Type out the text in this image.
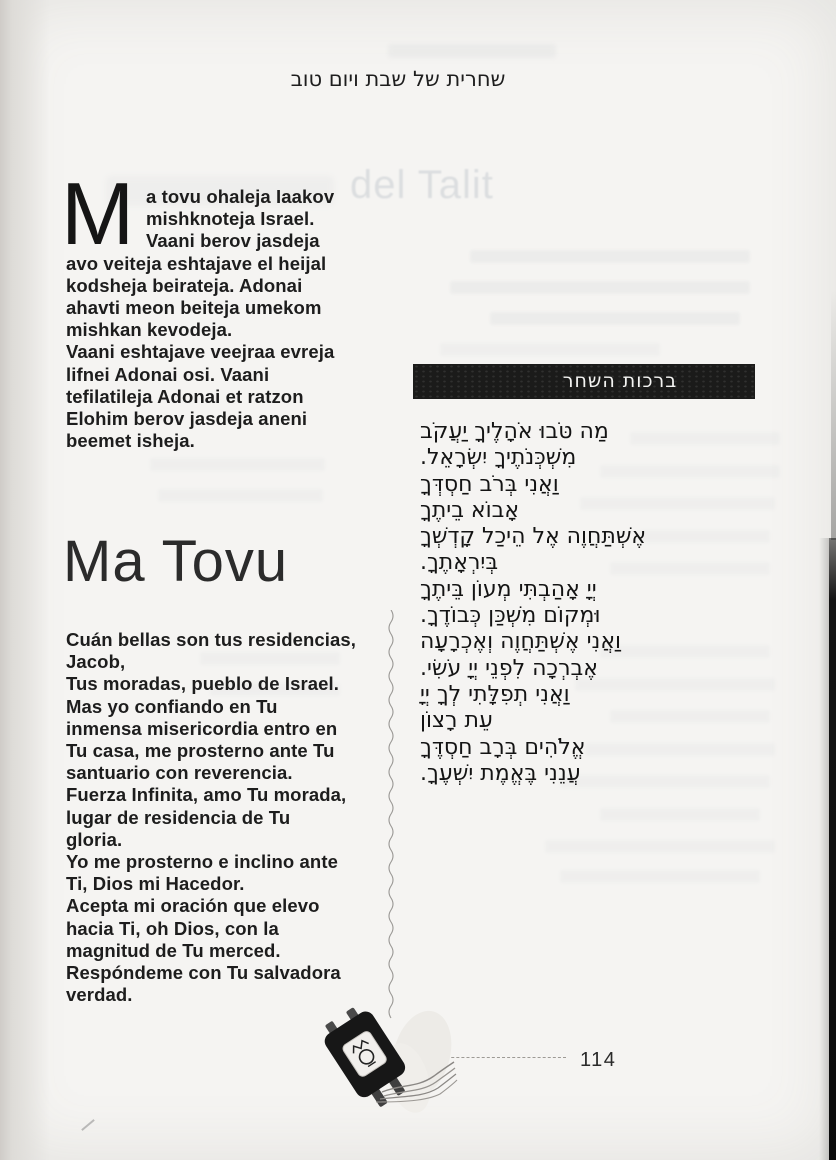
del Talit
שחרית של שבת ויום טוב
M a tovu ohaleja Iaakov
mishknoteja Israel.
Vaani berov jasdeja
avo veiteja eshtajave el heijal
kodsheja beirateja. Adonai
ahavti meon beiteja umekom
mishkan kevodeja.
Vaani eshtajave veejraa evreja
lifnei Adonai osi. Vaani
tefilatileja Adonai et ratzon
Elohim berov jasdeja aneni
beemet isheja.
Ma Tovu
Cuán bellas son tus residencias,
Jacob,
Tus moradas, pueblo de Israel.
Mas yo confiando en Tu
inmensa misericordia entro en
Tu casa, me prosterno ante Tu
santuario con reverencia.
Fuerza Infinita, amo Tu morada,
lugar de residencia de Tu
gloria.
Yo me prosterno e inclino ante
Ti, Dios mi Hacedor.
Acepta mi oración que elevo
hacia Ti, oh Dios, con la
magnitud de Tu merced.
Respóndeme con Tu salvadora
verdad.
ברכות השחר
מַה טֹּבוּ אֹהָלֶיךָ יַעֲקֹב
מִשְׁכְּנֹתֶיךָ יִשְׂרָאֵל.
וַאֲנִי בְּרֹב חַסְדְּךָ
אָבוֹא בֵיתֶךָ
אֶשְׁתַּחֲוֶה אֶל הֵיכַל קָדְשְׁךָ
בְּיִרְאָתֶךָ.
יְיָ אָהַבְתִּי מְעוֹן בֵּיתֶךָ
וּמְקוֹם מִשְׁכַּן כְּבוֹדֶךָ.
וַאֲנִי אֶשְׁתַּחֲוֶה וְאֶכְרָעָה
אֶבְרְכָה לִפְנֵי יְיָ עֹשִׂי.
וַאֲנִי תְפִלָּתִי לְךָ יְיָ
עֵת רָצוֹן
אֱלֹהִים בְּרָב חַסְדֶּךָ
עֲנֵנִי בֶּאֱמֶת יִשְׁעֶךָ.
114
